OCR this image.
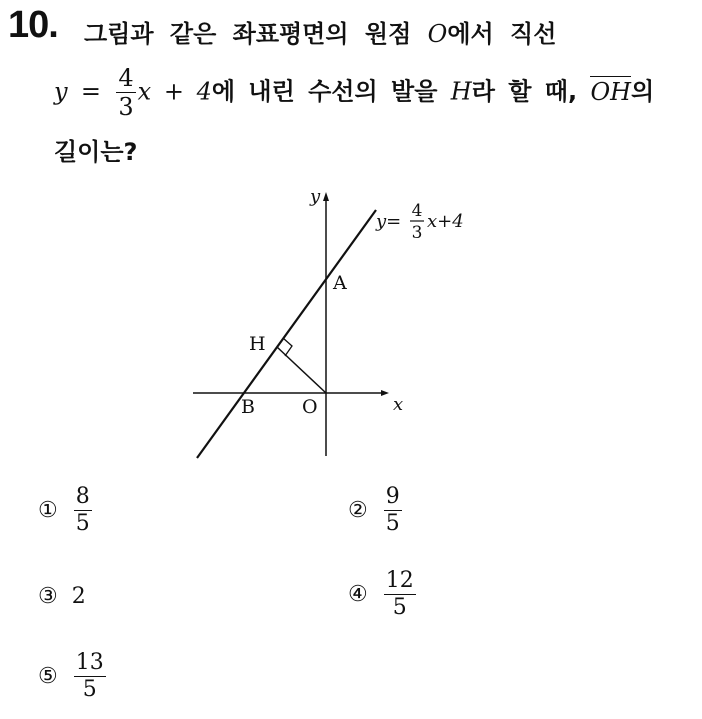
10. 그림과 같은 좌표평면의 원점 O에서 직선
$y = \frac{4}{3}$ x + 4에 내린 수선의 발을 H라 할 때, OH의
길이는?
y
x
A
H
B O
y= 4
3
x+4
① $\frac{8}{5}$	② $\frac{9}{5}$
③ 2	④ $\frac{12}{5}$
⑤ $\frac{13}{5}$
